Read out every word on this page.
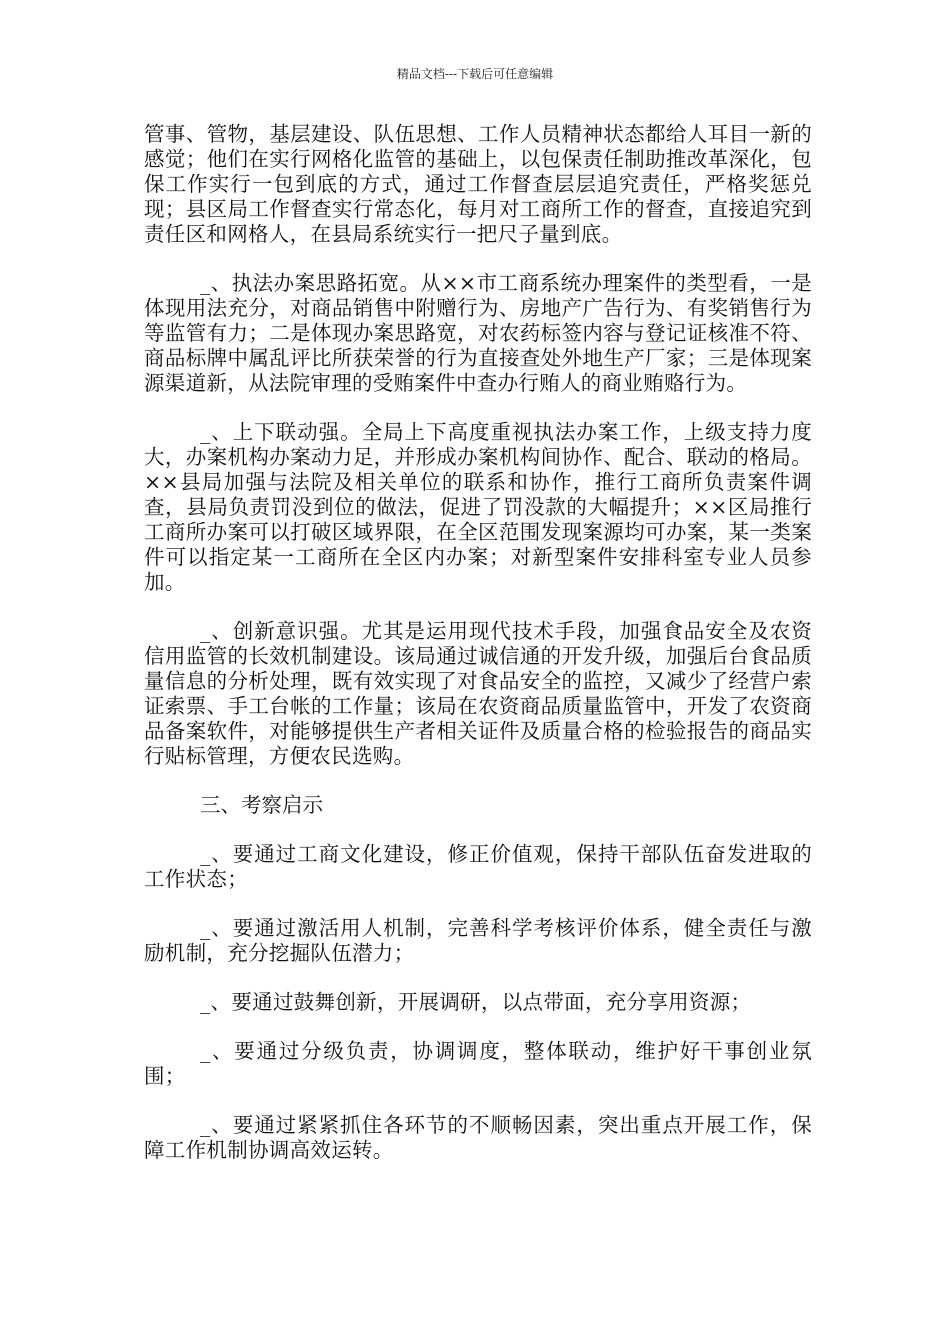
精品文档---下载后可任意编辑

管事、管物，基层建设、队伍思想、工作人员精神状态都给人耳目一新的感觉；他们在实行网格化监管的基础上，以包保责任制助推改革深化，包保工作实行一包到底的方式，通过工作督查层层追究责任，严格奖惩兑现；县区局工作督查实行常态化，每月对工商所工作的督查，直接追究到责任区和网格人，在县局系统实行一把尺子量到底。

_、执法办案思路拓宽。从××市工商系统办理案件的类型看，一是体现用法充分，对商品销售中附赠行为、房地产广告行为、有奖销售行为等监管有力；二是体现办案思路宽，对农药标签内容与登记证核准不符、商品标牌中属乱评比所获荣誉的行为直接查处外地生产厂家；三是体现案源渠道新，从法院审理的受贿案件中查办行贿人的商业贿赂行为。

_、上下联动强。全局上下高度重视执法办案工作，上级支持力度大，办案机构办案动力足，并形成办案机构间协作、配合、联动的格局。××县局加强与法院及相关单位的联系和协作，推行工商所负责案件调查，县局负责罚没到位的做法，促进了罚没款的大幅提升；××区局推行工商所办案可以打破区域界限，在全区范围发现案源均可办案，某一类案件可以指定某一工商所在全区内办案；对新型案件安排科室专业人员参加。

_、创新意识强。尤其是运用现代技术手段，加强食品安全及农资信用监管的长效机制建设。该局通过诚信通的开发升级，加强后台食品质量信息的分析处理，既有效实现了对食品安全的监控，又减少了经营户索证索票、手工台帐的工作量；该局在农资商品质量监管中，开发了农资商品备案软件，对能够提供生产者相关证件及质量合格的检验报告的商品实行贴标管理，方便农民选购。

三、考察启示

_、要通过工商文化建设，修正价值观，保持干部队伍奋发进取的工作状态；

_、要通过激活用人机制，完善科学考核评价体系，健全责任与激励机制，充分挖掘队伍潜力；

_、要通过鼓舞创新，开展调研，以点带面，充分享用资源；

_、要通过分级负责，协调调度，整体联动，维护好干事创业氛围；

_、要通过紧紧抓住各环节的不顺畅因素，突出重点开展工作，保障工作机制协调高效运转。
